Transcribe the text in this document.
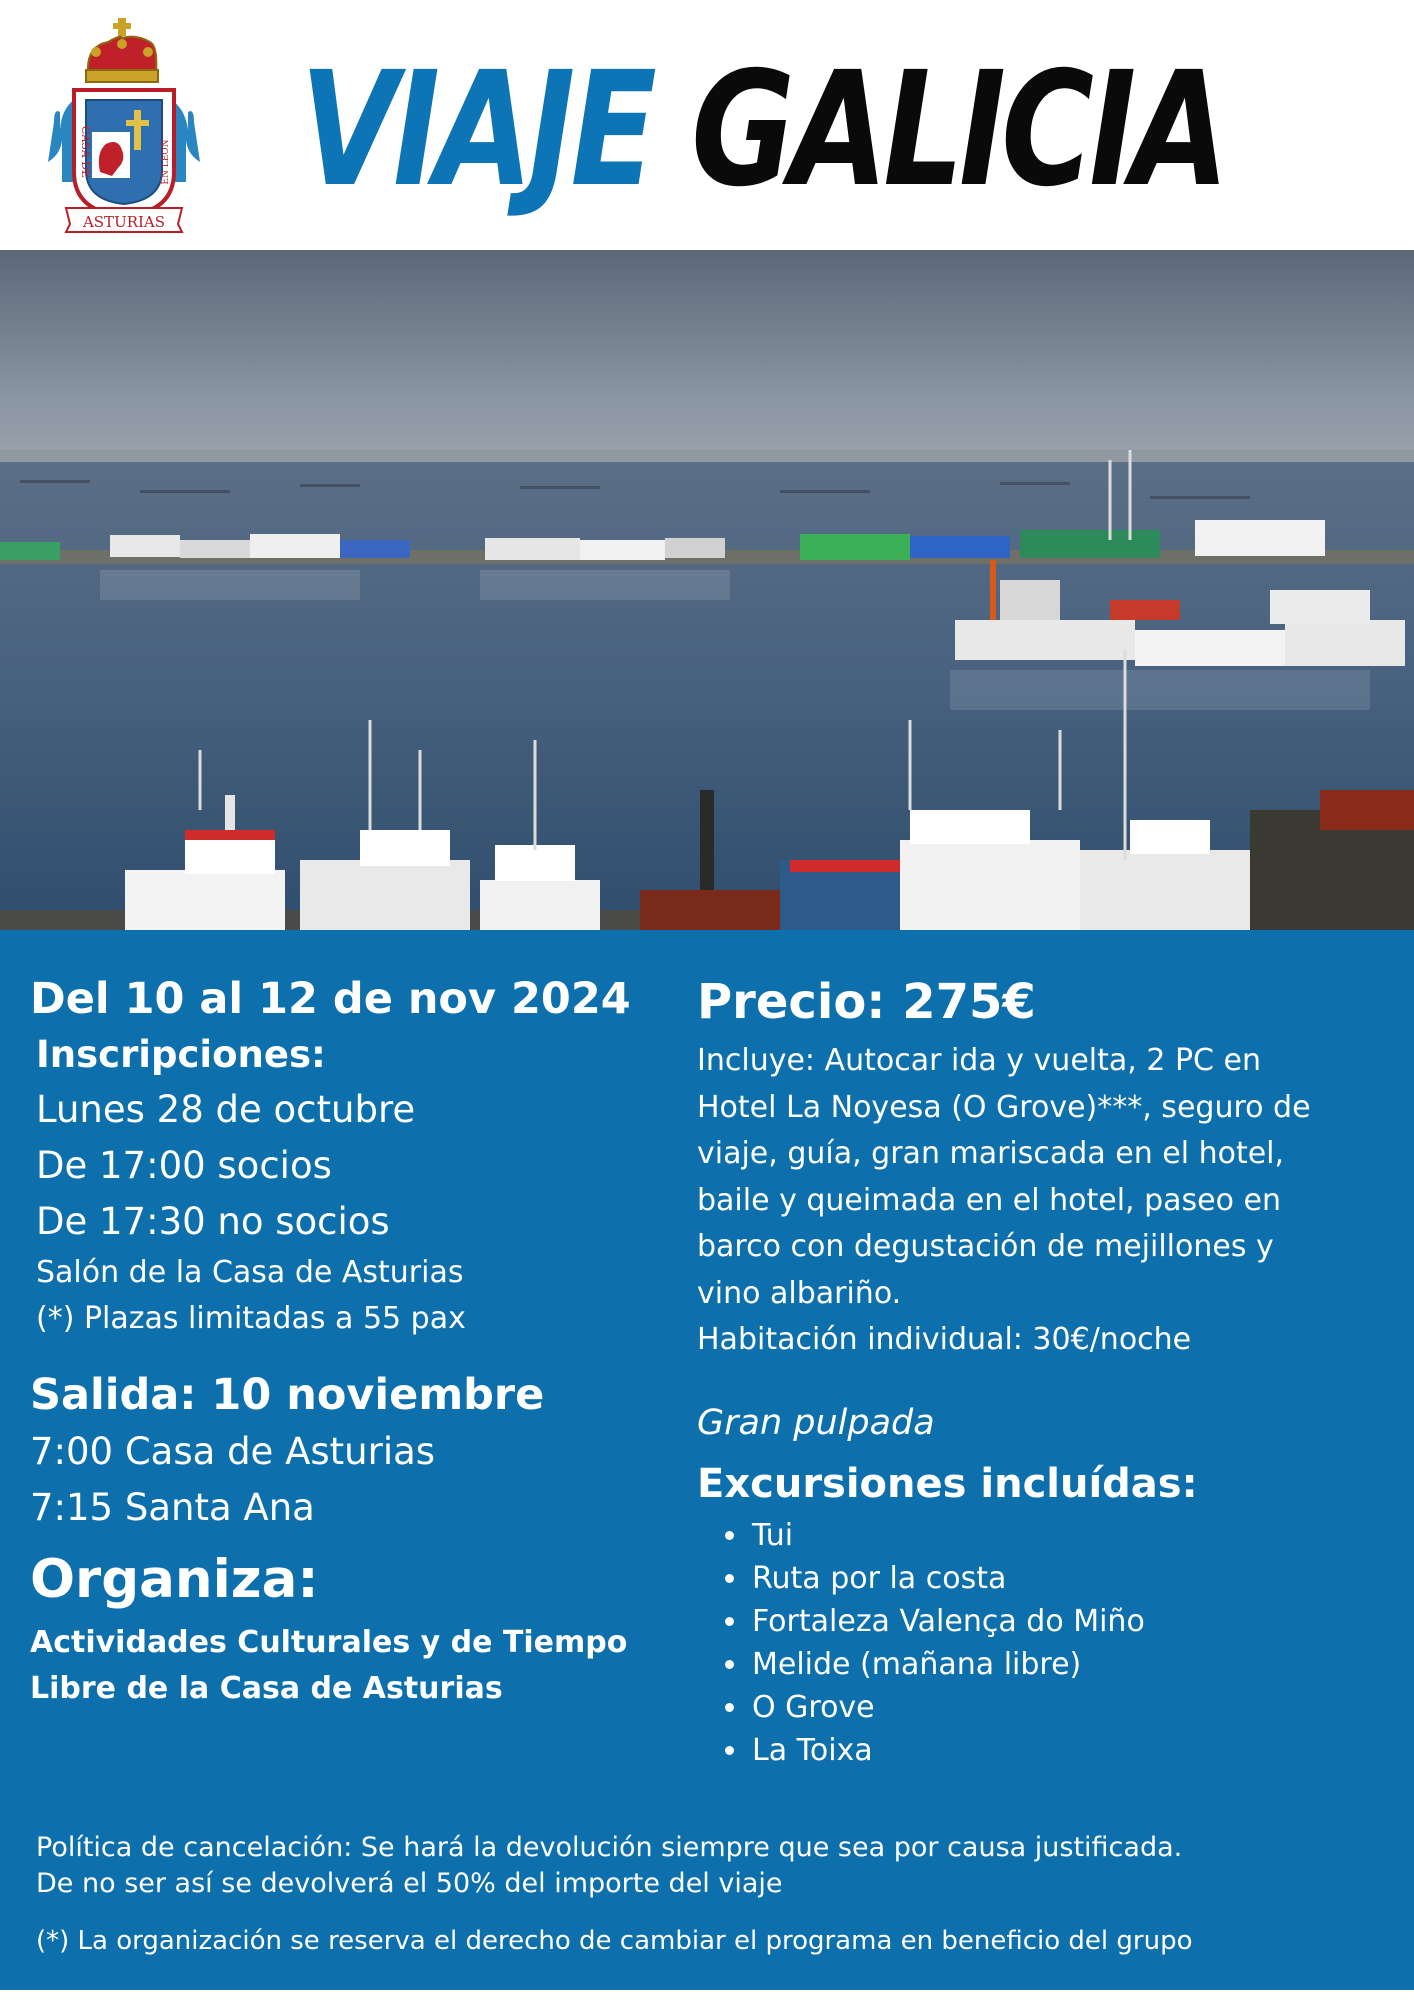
CASA DE	EN LEON
ASTURIAS VIAJE GALICIA

Del 10 al 12 de nov 2024

Inscripciones:

Lunes 28 de octubre

De 17:00 socios

De 17:30 no socios

Salón de la Casa de Asturias

(*) Plazas limitadas a 55 pax

Salida: 10 noviembre

7:00 Casa de Asturias

7:15 Santa Ana

Organiza:

Actividades Culturales y de Tiempo

Libre de la Casa de Asturias

Precio: 275€

Incluye: Autocar ida y vuelta, 2 PC en

Hotel La Noyesa (O Grove)***, seguro de

viaje, guía, gran mariscada en el hotel,

baile y queimada en el hotel, paseo en

barco con degustación de mejillones y

vino albariño.

Habitación individual: 30€/noche

Gran pulpada

Excursiones incluídas:

Tui
Ruta por la costa
Fortaleza Valença do Miño
Melide (mañana libre)
O Grove
La Toixa

Política de cancelación: Se hará la devolución siempre que sea por causa justificada.

De no ser así se devolverá el 50% del importe del viaje

(*) La organización se reserva el derecho de cambiar el programa en beneficio del grupo
